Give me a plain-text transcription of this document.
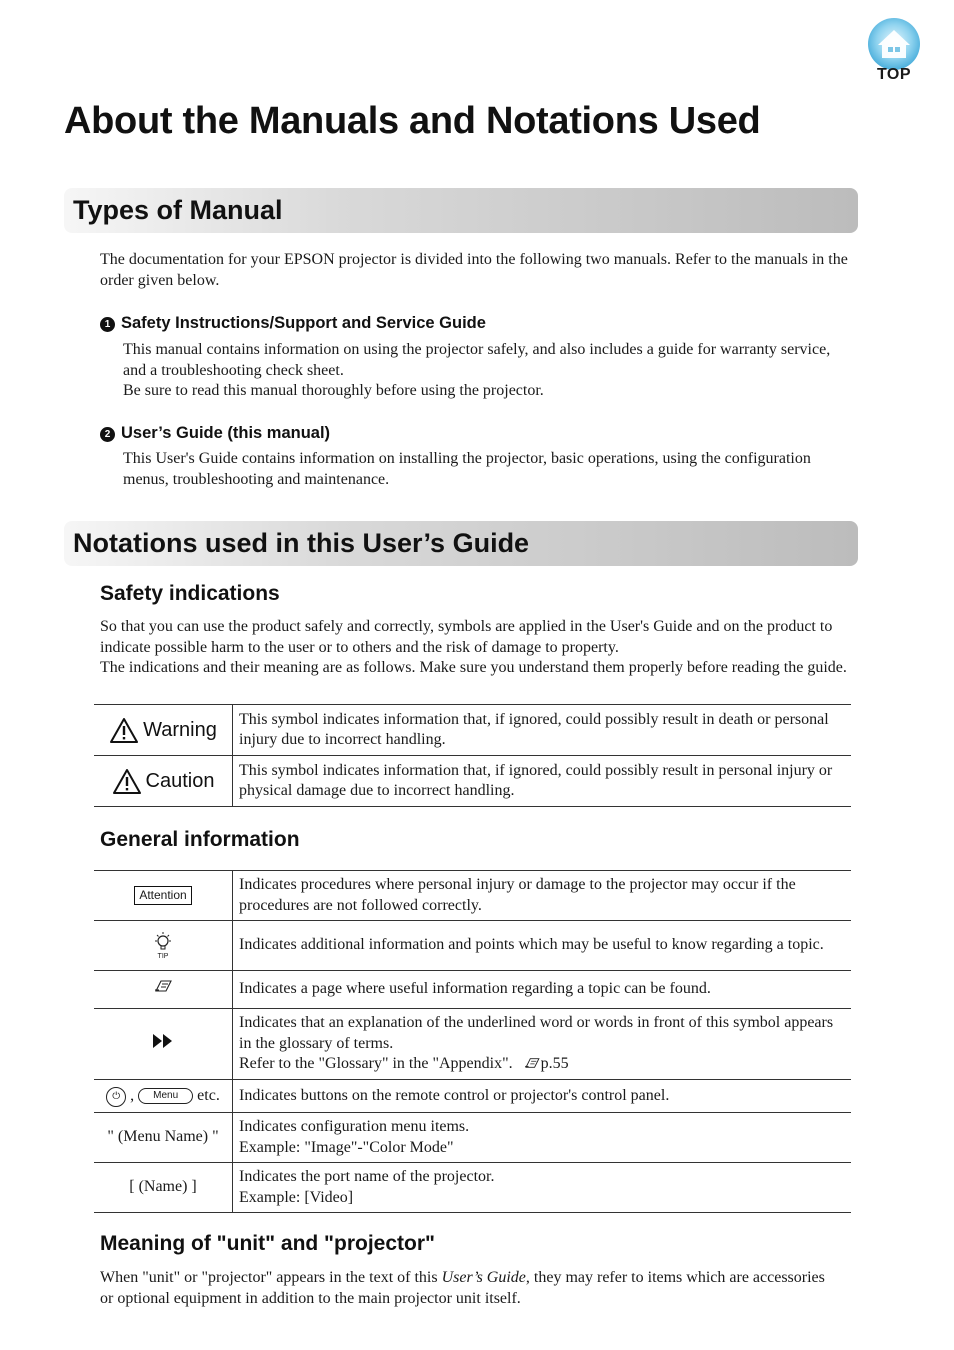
TOP
About the Manuals and Notations Used
Types of Manual

The documentation for your EPSON projector is divided into the following two manuals. Refer to the manuals in the order given below.

1 Safety Instructions/Support and Service Guide
This manual contains information on using the projector safely, and also includes a guide for warranty service, and a troubleshooting check sheet.
Be sure to read this manual thoroughly before using the projector.
2 User’s Guide (this manual)
This User's Guide contains information on installing the projector, basic operations, using the configuration menus, troubleshooting and maintenance.
Notations used in this User’s Guide
Safety indications
So that you can use the product safely and correctly, symbols are applied in the User's Guide and on the product to indicate possible harm to the user or to others and the risk of damage to property.
The indications and their meaning are as follows. Make sure you understand them properly before reading the guide.
Warning	This symbol indicates information that, if ignored, could possibly result in death or personal injury due to incorrect handling.

Caution	This symbol indicates information that, if ignored, could possibly result in personal injury or physical damage due to incorrect handling.
General information
Attention	Indicates procedures where personal injury or damage to the projector may occur if the procedures are not followed correctly.

TIP	Indicates additional information and points which may be useful to know regarding a topic.

Indicates a page where useful information regarding a topic can be found.

Indicates that an explanation of the underlined word or words in front of this symbol appears in the glossary of terms.
Refer to the "Glossary" in the "Appendix". p.55

⏻ , Menu etc.	Indicates buttons on the remote control or projector's control panel.

" (Menu Name) "	Indicates configuration menu items.
Example: "Image"-"Color Mode"

[ (Name) ]	Indicates the port name of the projector.
Example: [Video]
Meaning of "unit" and "projector"

When "unit" or "projector" appears in the text of this User’s Guide, they may refer to items which are accessories or optional equipment in addition to the main projector unit itself.
